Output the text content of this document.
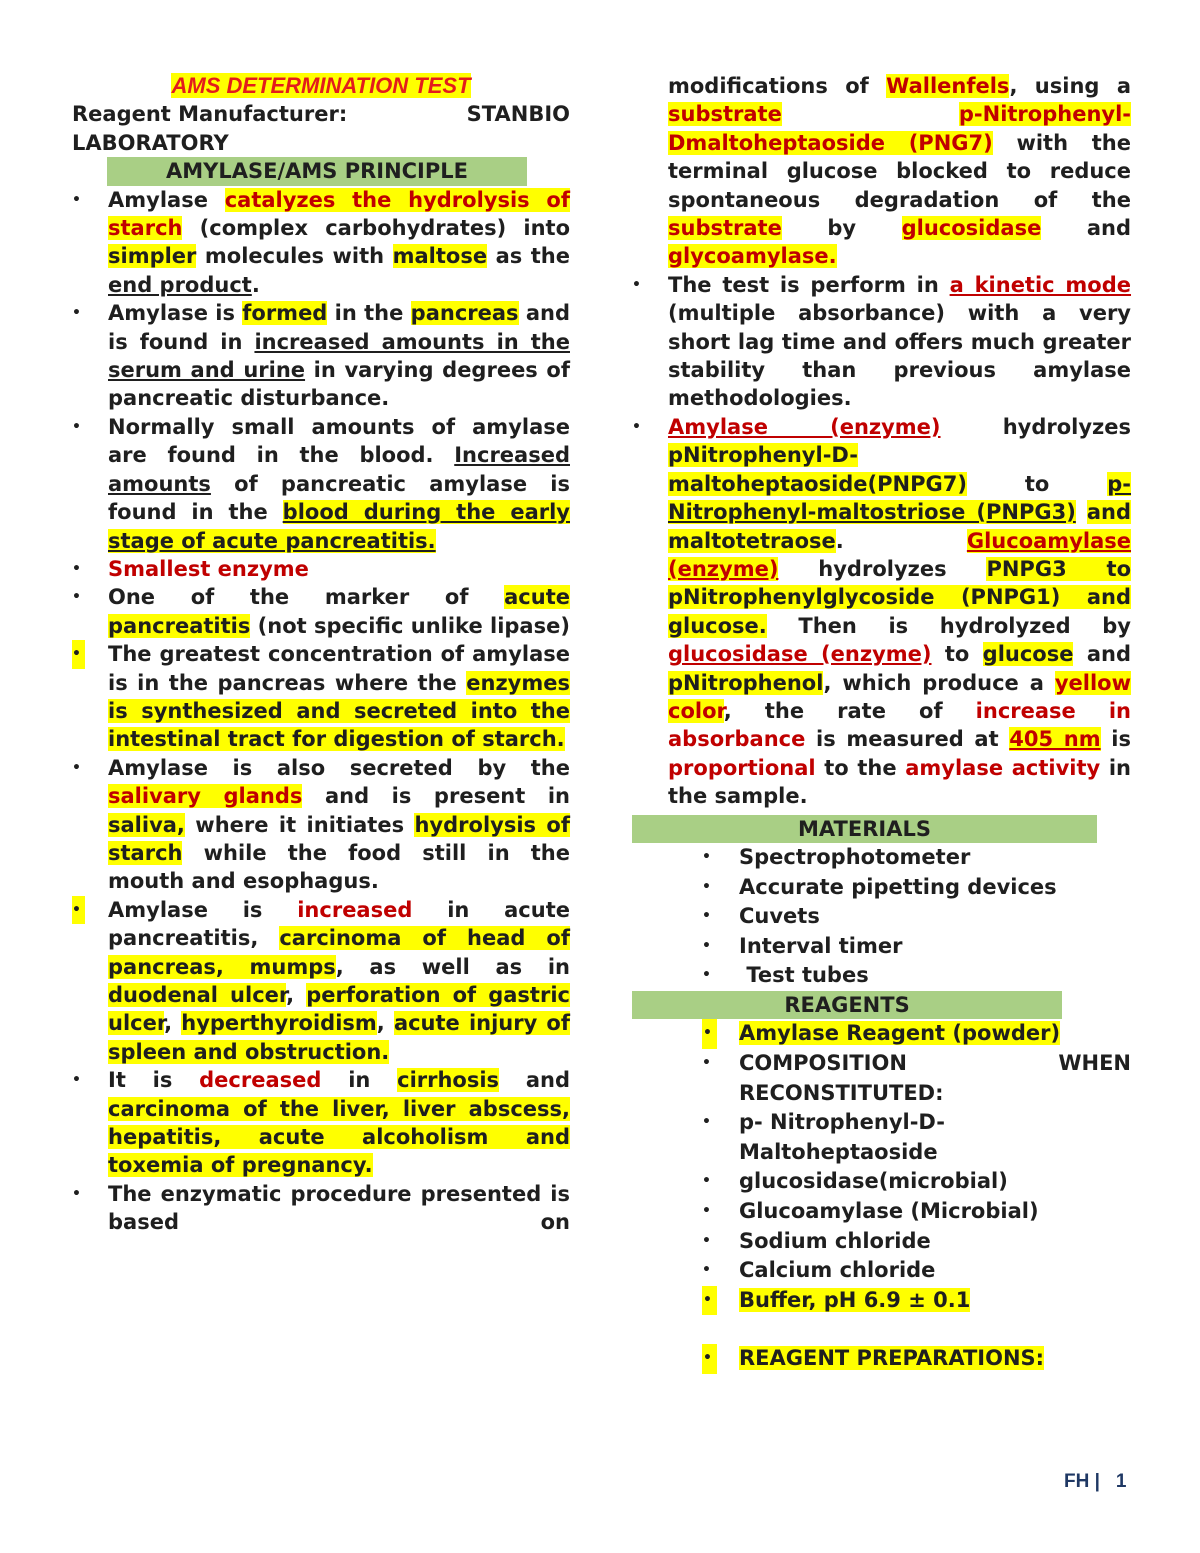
AMS DETERMINATION TEST

Reagent Manufacturer:	STANBIO

LABORATORY

AMYLASE/AMS PRINCIPLE

• Amylase catalyzes the hydrolysis of starch (complex carbohydrates) into simpler molecules with maltose as the end product.
• Amylase is formed in the pancreas and is found in increased amounts in the serum and urine in varying degrees of pancreatic disturbance.
• Normally small amounts of amylase are found in the blood. Increased amounts of pancreatic amylase is found in the blood during the early stage of acute pancreatitis.
• Smallest enzyme
• One of the marker of acute pancreatitis (not specific unlike lipase)
• The greatest concentration of amylase is in the pancreas where the enzymes is synthesized and secreted into the intestinal tract for digestion of starch.
• Amylase is also secreted by the salivary glands and is present in saliva, where it initiates hydrolysis of starch while the food still in the mouth and esophagus.
• Amylase is increased in acute pancreatitis, carcinoma of head of pancreas, mumps, as well as in duodenal ulcer, perforation of gastric ulcer, hyperthyroidism, acute injury of spleen and obstruction.
• It is decreased in cirrhosis and carcinoma of the liver, liver abscess, hepatitis, acute alcoholism and toxemia of pregnancy.
• The enzymatic procedure presented is based on

modifications of Wallenfels, using a substrate	p-Nitrophenyl-Dmaltoheptaoside (PNG7) with the terminal glucose blocked to reduce spontaneous degradation of the substrate by glucosidase and glycoamylase.

• The test is perform in a kinetic mode (multiple absorbance) with a very short lag time and offers much greater stability than previous amylase methodologies.
• Amylase (enzyme) hydrolyzes pNitrophenyl-D-maltoheptaoside(PNPG7) to p-Nitrophenyl-maltostriose (PNPG3) and maltotetraose. Glucoamylase (enzyme) hydrolyzes PNPG3 to pNitrophenylglycoside (PNPG1) and glucose. Then is hydrolyzed by glucosidase (enzyme) to glucose and pNitrophenol, which produce a yellow color, the rate of increase in absorbance is measured at 405 nm is proportional to the amylase activity in the sample.

MATERIALS

• Spectrophotometer
• Accurate pipetting devices
• Cuvets
• Interval timer
• Test tubes

REAGENTS

• Amylase Reagent (powder)
• COMPOSITION WHEN RECONSTITUTED:
• p- Nitrophenyl-D- Maltoheptaoside
• glucosidase(microbial)
• Glucoamylase (Microbial)
• Sodium chloride
• Calcium chloride
• Buffer, pH 6.9 ± 0.1
• REAGENT PREPARATIONS:
FH | 1
